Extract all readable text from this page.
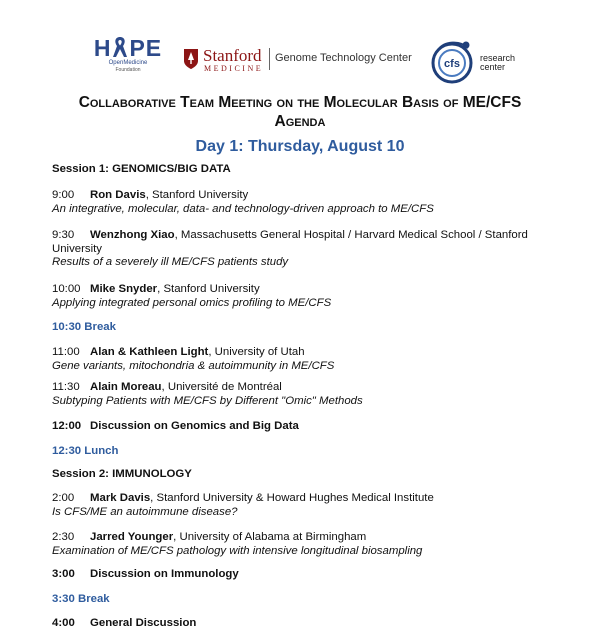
H PE
OpenMedicine
Foundation
Stanford
MEDICINE
Genome Technology Center	cfs research
center
Collaborative Team Meeting on the Molecular Basis of ME/CFS
Agenda
Day 1: Thursday, August 10
Session 1: GENOMICS/BIG DATA
9:00 Ron Davis, Stanford University
An integrative, molecular, data- and technology-driven approach to ME/CFS
9:30 Wenzhong Xiao, Massachusetts General Hospital / Harvard Medical School / Stanford University
Results of a severely ill ME/CFS patients study
10:00 Mike Snyder, Stanford University
Applying integrated personal omics profiling to ME/CFS
10:30 Break
11:00 Alan & Kathleen Light, University of Utah
Gene variants, mitochondria & autoimmunity in ME/CFS
11:30 Alain Moreau, Université de Montréal
Subtyping Patients with ME/CFS by Different "Omic" Methods
12:00 Discussion on Genomics and Big Data
12:30 Lunch
Session 2: IMMUNOLOGY
2:00 Mark Davis, Stanford University & Howard Hughes Medical Institute
Is CFS/ME an autoimmune disease?
2:30 Jarred Younger, University of Alabama at Birmingham
Examination of ME/CFS pathology with intensive longitudinal biosampling
3:00 Discussion on Immunology
3:30 Break
4:00 General Discussion
